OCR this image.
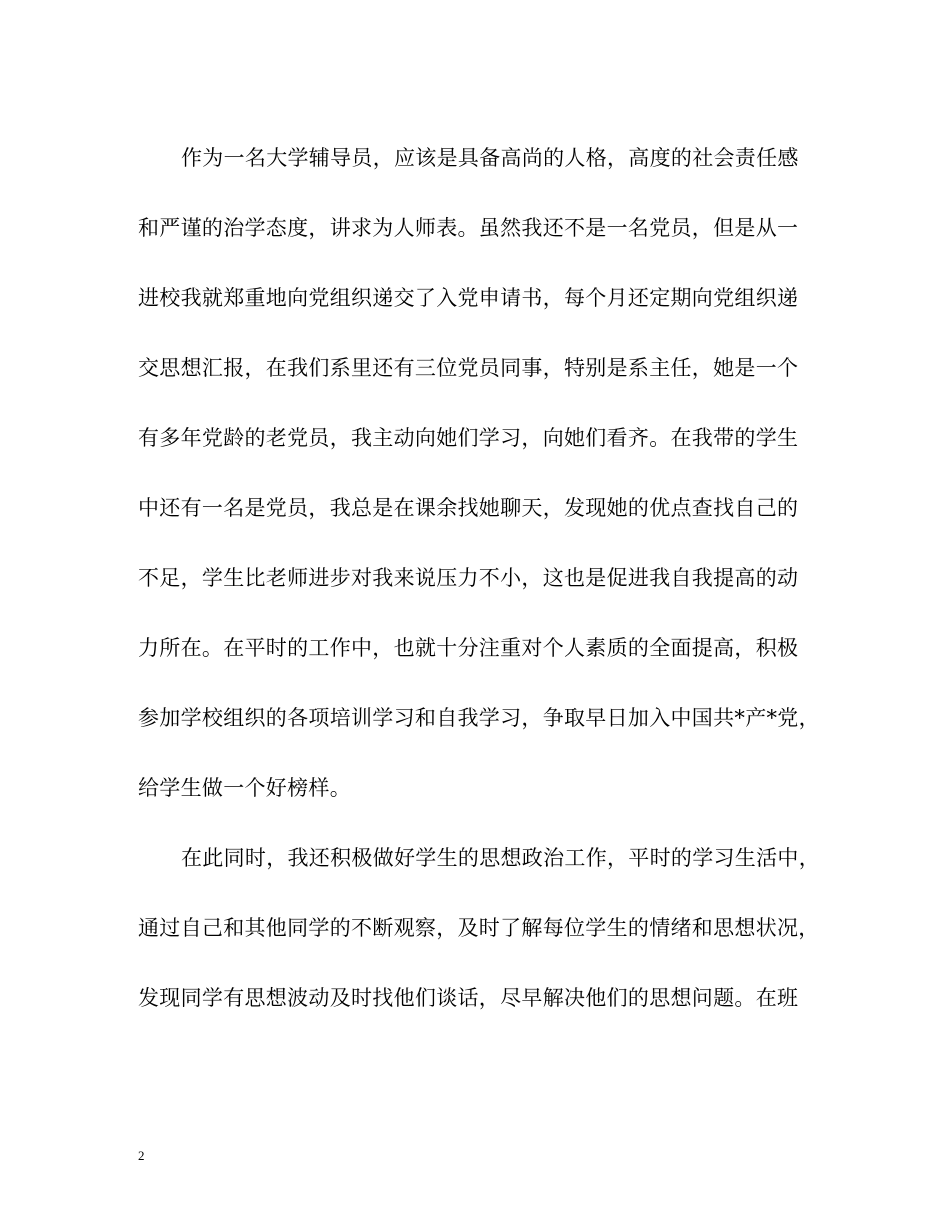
作为一名大学辅导员，应该是具备高尚的人格，高度的社会责任感
和严谨的治学态度，讲求为人师表。虽然我还不是一名党员，但是从一
进校我就郑重地向党组织递交了入党申请书，每个月还定期向党组织递
交思想汇报，在我们系里还有三位党员同事，特别是系主任，她是一个
有多年党龄的老党员，我主动向她们学习，向她们看齐。在我带的学生
中还有一名是党员，我总是在课余找她聊天，发现她的优点查找自己的
不足，学生比老师进步对我来说压力不小，这也是促进我自我提高的动
力所在。在平时的工作中，也就十分注重对个人素质的全面提高，积极
参加学校组织的各项培训学习和自我学习，争取早日加入中国共*产*党，
给学生做一个好榜样。
在此同时，我还积极做好学生的思想政治工作，平时的学习生活中，
通过自己和其他同学的不断观察，及时了解每位学生的情绪和思想状况，
发现同学有思想波动及时找他们谈话，尽早解决他们的思想问题。在班
2
